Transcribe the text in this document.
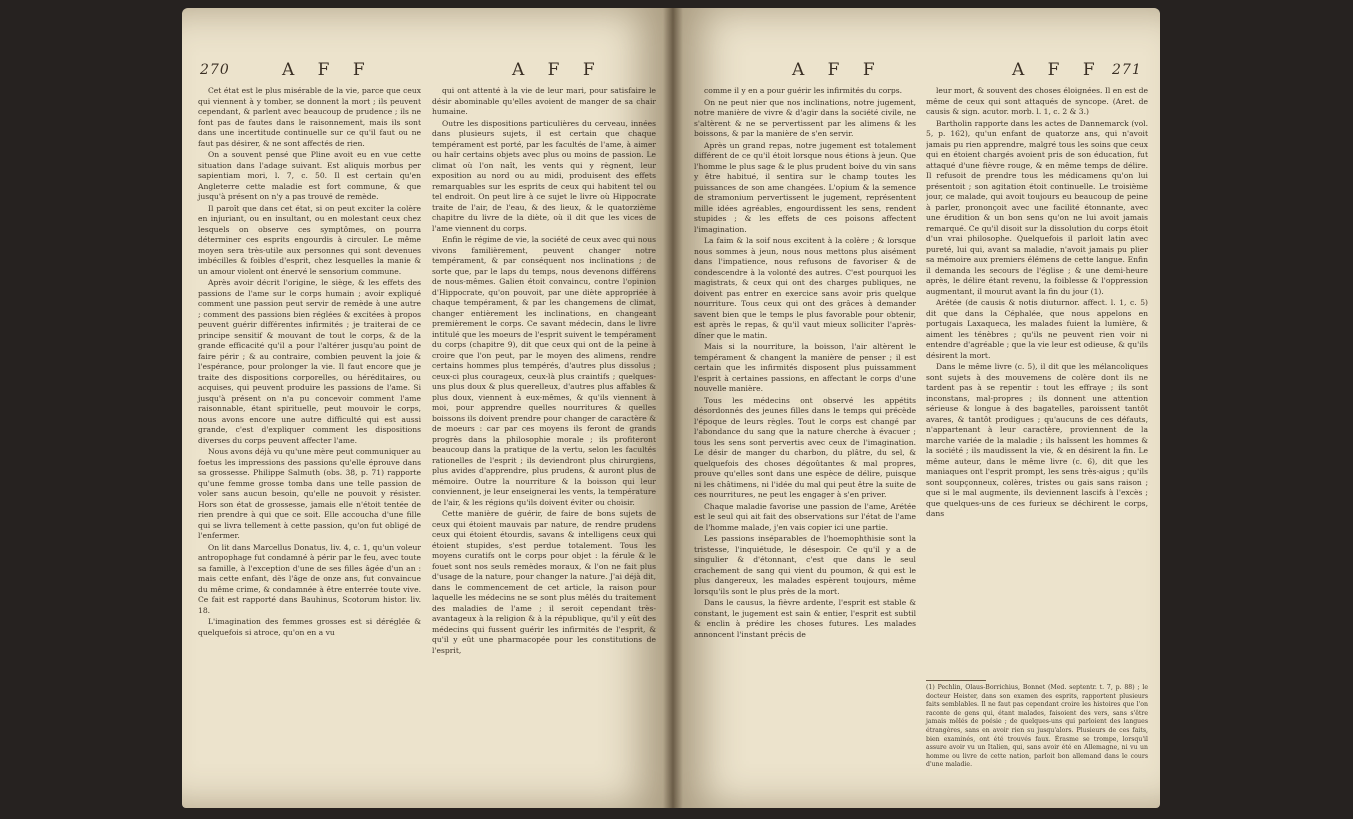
270	A F F	A F F

Cet état est le plus misérable de la vie, parce que ceux qui viennent à y tomber, se donnent la mort ; ils peuvent cependant, & parlent avec beaucoup de prudence ; ils ne font pas de fautes dans le raisonnement, mais ils sont dans une incertitude continuelle sur ce qu'il faut ou ne faut pas désirer, & ne sont affectés de rien.

On a souvent pensé que Pline avoit eu en vue cette situation dans l'adage suivant. Est aliquis morbus per sapientiam mori, l. 7, c. 50. Il est certain qu'en Angleterre cette maladie est fort commune, & que jusqu'à présent on n'y a pas trouvé de remède.

Il paroît que dans cet état, si on peut exciter la colère en injuriant, ou en insultant, ou en molestant ceux chez lesquels on observe ces symptômes, on pourra déterminer ces esprits engourdis à circuler. Le même moyen sera très-utile aux personnes qui sont devenues imbécilles & foibles d'esprit, chez lesquelles la manie & un amour violent ont énervé le sensorium commune.

Après avoir décrit l'origine, le siège, & les effets des passions de l'ame sur le corps humain ; avoir expliqué comment une passion peut servir de remède à une autre ; comment des passions bien réglées & excitées à propos peuvent guérir différentes infirmités ; je traiterai de ce principe sensitif & mouvant de tout le corps, & de la grande efficacité qu'il a pour l'altérer jusqu'au point de faire périr ; & au contraire, combien peuvent la joie & l'espérance, pour prolonger la vie. Il faut encore que je traite des dispositions corporelles, ou héréditaires, ou acquises, qui peuvent produire les passions de l'ame. Si jusqu'à présent on n'a pu concevoir comment l'ame raisonnable, étant spirituelle, peut mouvoir le corps, nous avons encore une autre difficulté qui est aussi grande, c'est d'expliquer comment les dispositions diverses du corps peuvent affecter l'ame.

Nous avons déjà vu qu'une mère peut communiquer au foetus les impressions des passions qu'elle éprouve dans sa grossesse. Philippe Salmuth (obs. 38, p. 71) rapporte qu'une femme grosse tomba dans une telle passion de voler sans aucun besoin, qu'elle ne pouvoit y résister. Hors son état de grossesse, jamais elle n'étoit tentée de rien prendre à qui que ce soit. Elle accoucha d'une fille qui se livra tellement à cette passion, qu'on fut obligé de l'enfermer.

On lit dans Marcellus Donatus, liv. 4, c. 1, qu'un voleur antropophage fut condamné à périr par le feu, avec toute sa famille, à l'exception d'une de ses filles âgée d'un an : mais cette enfant, dès l'âge de onze ans, fut convaincue du même crime, & condamnée à être enterrée toute vive. Ce fait est rapporté dans Bauhinus, Scotorum histor. liv. 18.

L'imagination des femmes grosses est si déréglée & quelquefois si atroce, qu'on en a vu

qui ont attenté à la vie de leur mari, pour satisfaire le désir abominable qu'elles avoient de manger de sa chair humaine.

Outre les dispositions particulières du cerveau, innées dans plusieurs sujets, il est certain que chaque tempérament est porté, par les facultés de l'ame, à aimer ou haïr certains objets avec plus ou moins de passion. Le climat où l'on naît, les vents qui y règnent, leur exposition au nord ou au midi, produisent des effets remarquables sur les esprits de ceux qui habitent tel ou tel endroit. On peut lire à ce sujet le livre où Hippocrate traite de l'air, de l'eau, & des lieux, & le quatorzième chapitre du livre de la diète, où il dit que les vices de l'ame viennent du corps.

Enfin le régime de vie, la société de ceux avec qui nous vivons familièrement, peuvent changer notre tempérament, & par conséquent nos inclinations ; de sorte que, par le laps du temps, nous devenons différens de nous-mêmes. Galien étoit convaincu, contre l'opinion d'Hippocrate, qu'on pouvoit, par une diète appropriée à chaque tempérament, & par les changemens de climat, changer entièrement les inclinations, en changeant premièrement le corps. Ce savant médecin, dans le livre intitulé que les moeurs de l'esprit suivent le tempérament du corps (chapitre 9), dit que ceux qui ont de la peine à croire que l'on peut, par le moyen des alimens, rendre certains hommes plus tempérés, d'autres plus dissolus ; ceux-ci plus courageux, ceux-là plus craintifs ; quelques-uns plus doux & plus querelleux, d'autres plus affables & plus doux, viennent à eux-mêmes, & qu'ils viennent à moi, pour apprendre quelles nourritures & quelles boissons ils doivent prendre pour changer de caractère & de moeurs : car par ces moyens ils feront de grands progrès dans la philosophie morale ; ils profiteront beaucoup dans la pratique de la vertu, selon les facultés rationelles de l'esprit ; ils deviendront plus chirurgiens, plus avides d'apprendre, plus prudens, & auront plus de mémoire. Outre la nourriture & la boisson qui leur conviennent, je leur enseignerai les vents, la température de l'air, & les régions qu'ils doivent éviter ou choisir.

Cette manière de guérir, de faire de bons sujets de ceux qui étoient mauvais par nature, de rendre prudens ceux qui étoient étourdis, savans & intelligens ceux qui étoient stupides, s'est perdue totalement. Tous les moyens curatifs ont le corps pour objet : la férule & le fouet sont nos seuls remèdes moraux, & l'on ne fait plus d'usage de la nature, pour changer la nature. J'ai déjà dit, dans le commencement de cet article, la raison pour laquelle les médecins ne se sont plus mêlés du traitement des maladies de l'ame ; il seroit cependant très-avantageux à la religion & à la république, qu'il y eût des médecins qui fussent guérir les infirmités de l'esprit, & qu'il y eût une pharmacopée pour les constitutions de l'esprit,

A F F	A F F 271

comme il y en a pour guérir les infirmités du corps.

On ne peut nier que nos inclinations, notre jugement, notre manière de vivre & d'agir dans la société civile, ne s'altèrent & ne se pervertissent par les alimens & les boissons, & par la manière de s'en servir.

Après un grand repas, notre jugement est totalement différent de ce qu'il étoit lorsque nous étions à jeun. Que l'homme le plus sage & le plus prudent boive du vin sans y être habitué, il sentira sur le champ toutes les puissances de son ame changées. L'opium & la semence de stramonium pervertissent le jugement, représentent mille idées agréables, engourdissent les sens, rendent stupides ; & les effets de ces poisons affectent l'imagination.

La faim & la soif nous excitent à la colère ; & lorsque nous sommes à jeun, nous nous mettons plus aisément dans l'impatience, nous refusons de favoriser & de condescendre à la volonté des autres. C'est pourquoi les magistrats, & ceux qui ont des charges publiques, ne doivent pas entrer en exercice sans avoir pris quelque nourriture. Tous ceux qui ont des grâces à demander savent bien que le temps le plus favorable pour obtenir, est après le repas, & qu'il vaut mieux solliciter l'après-dîner que le matin.

Mais si la nourriture, la boisson, l'air altèrent le tempérament & changent la manière de penser ; il est certain que les infirmités disposent plus puissamment l'esprit à certaines passions, en affectant le corps d'une nouvelle manière.

Tous les médecins ont observé les appétits désordonnés des jeunes filles dans le temps qui précède l'époque de leurs règles. Tout le corps est changé par l'abondance du sang que la nature cherche à évacuer ; tous les sens sont pervertis avec ceux de l'imagination. Le désir de manger du charbon, du plâtre, du sel, & quelquefois des choses dégoûtantes & mal propres, prouve qu'elles sont dans une espèce de délire, puisque ni les châtimens, ni l'idée du mal qui peut être la suite de ces nourritures, ne peut les engager à s'en priver.

Chaque maladie favorise une passion de l'ame, Arétée est le seul qui ait fait des observations sur l'état de l'ame de l'homme malade, j'en vais copier ici une partie.

Les passions inséparables de l'hoemophthisie sont la tristesse, l'inquiétude, le désespoir. Ce qu'il y a de singulier & d'étonnant, c'est que dans le seul crachement de sang qui vient du poumon, & qui est le plus dangereux, les malades espèrent toujours, même lorsqu'ils sont le plus près de la mort.

Dans le causus, la fièvre ardente, l'esprit est stable & constant, le jugement est sain & entier, l'esprit est subtil & enclin à prédire les choses futures. Les malades annoncent l'instant précis de

leur mort, & souvent des choses éloignées. Il en est de même de ceux qui sont attaqués de syncope. (Aret. de causis & sign. acutor. morb. l. 1, c. 2 & 3.)

Bartholin rapporte dans les actes de Dannemarck (vol. 5, p. 162), qu'un enfant de quatorze ans, qui n'avoit jamais pu rien apprendre, malgré tous les soins que ceux qui en étoient chargés avoient pris de son éducation, fut attaqué d'une fièvre rouge, & en même temps de délire. Il refusoit de prendre tous les médicamens qu'on lui présentoit ; son agitation étoit continuelle. Le troisième jour, ce malade, qui avoit toujours eu beaucoup de peine à parler, prononçoit avec une facilité étonnante, avec une érudition & un bon sens qu'on ne lui avoit jamais remarqué. Ce qu'il disoit sur la dissolution du corps étoit d'un vrai philosophe. Quelquefois il parloit latin avec pureté, lui qui, avant sa maladie, n'avoit jamais pu plier sa mémoire aux premiers élémens de cette langue. Enfin il demanda les secours de l'église ; & une demi-heure après, le délire étant revenu, la foiblesse & l'oppression augmentant, il mourut avant la fin du jour (1).

Arétée (de causis & notis diuturnor. affect. l. 1, c. 5) dit que dans la Céphalée, que nous appelons en portugais Laxaqueca, les malades fuient la lumière, & aiment les ténèbres ; qu'ils ne peuvent rien voir ni entendre d'agréable ; que la vie leur est odieuse, & qu'ils désirent la mort.

Dans le même livre (c. 5), il dit que les mélancoliques sont sujets à des mouvemens de colère dont ils ne tardent pas à se repentir : tout les effraye ; ils sont inconstans, mal-propres ; ils donnent une attention sérieuse & longue à des bagatelles, paroissent tantôt avares, & tantôt prodigues ; qu'aucuns de ces défauts, n'appartenant à leur caractère, proviennent de la marche variée de la maladie ; ils haïssent les hommes & la société ; ils maudissent la vie, & en désirent la fin. Le même auteur, dans le même livre (c. 6), dit que les maniaques ont l'esprit prompt, les sens très-aigus ; qu'ils sont soupçonneux, colères, tristes ou gais sans raison ; que si le mal augmente, ils deviennent lascifs à l'excès ; que quelques-uns de ces furieux se déchirent le corps, dans

(1) Pechlin, Olaus-Borrichius, Bonnet (Med. septentr. t. 7, p. 88) ; le docteur Heister, dans son examen des esprits, rapportent plusieurs faits semblables. Il ne faut pas cependant croire les histoires que l'on raconte de gens qui, étant malades, faisoient des vers, sans s'être jamais mêlés de poésie ; de quelques-uns qui parloient des langues étrangères, sans en avoir rien su jusqu'alors. Plusieurs de ces faits, bien examinés, ont été trouvés faux. Érasme se trompe, lorsqu'il assure avoir vu un Italien, qui, sans avoir été en Allemagne, ni vu un homme ou livre de cette nation, parloit bon allemand dans le cours d'une maladie.
